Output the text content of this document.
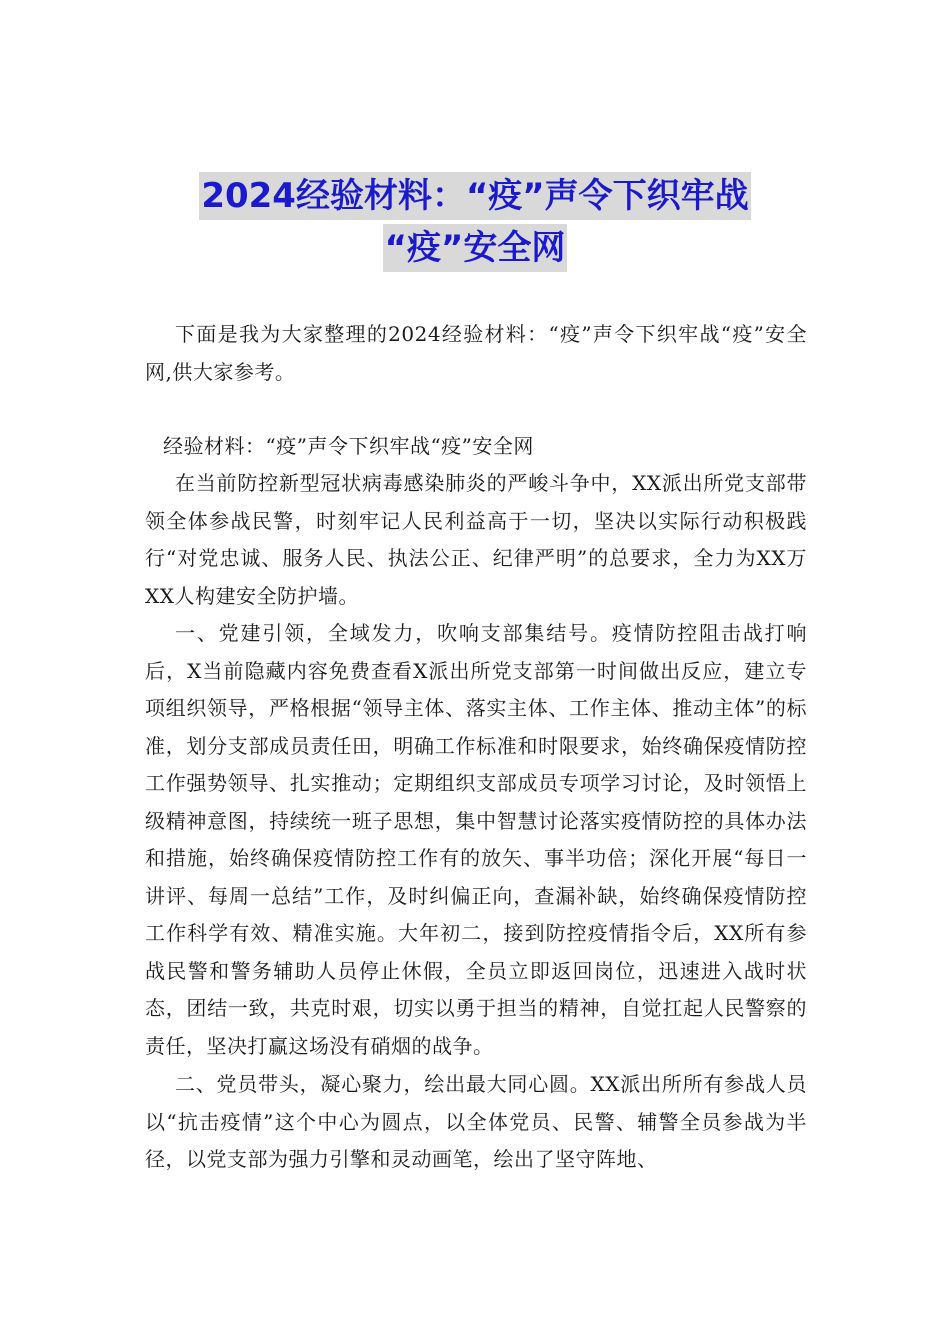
2024经验材料：“疫”声令下织牢战
“疫”安全网

下面是我为大家整理的2024经验材料：“疫”声令下织牢战“疫”安全网,供大家参考。

经验材料：“疫”声令下织牢战“疫”安全网

在当前防控新型冠状病毒感染肺炎的严峻斗争中，XX派出所党支部带领全体参战民警，时刻牢记人民利益高于一切，坚决以实际行动积极践行“对党忠诚、服务人民、执法公正、纪律严明”的总要求，全力为XX万XX人构建安全防护墙。

一、党建引领，全域发力，吹响支部集结号。疫情防控阻击战打响后，X当前隐藏内容免费查看X派出所党支部第一时间做出反应，建立专项组织领导，严格根据“领导主体、落实主体、工作主体、推动主体”的标准，划分支部成员责任田，明确工作标准和时限要求，始终确保疫情防控工作强势领导、扎实推动；定期组织支部成员专项学习讨论，及时领悟上级精神意图，持续统一班子思想，集中智慧讨论落实疫情防控的具体办法和措施，始终确保疫情防控工作有的放矢、事半功倍；深化开展“每日一讲评、每周一总结”工作，及时纠偏正向，查漏补缺，始终确保疫情防控工作科学有效、精准实施。大年初二，接到防控疫情指令后，XX所有参战民警和警务辅助人员停止休假，全员立即返回岗位，迅速进入战时状态，团结一致，共克时艰，切实以勇于担当的精神，自觉扛起人民警察的责任，坚决打赢这场没有硝烟的战争。

二、党员带头，凝心聚力，绘出最大同心圆。XX派出所所有参战人员以“抗击疫情”这个中心为圆点，以全体党员、民警、辅警全员参战为半径，以党支部为强力引擎和灵动画笔，绘出了坚守阵地、
